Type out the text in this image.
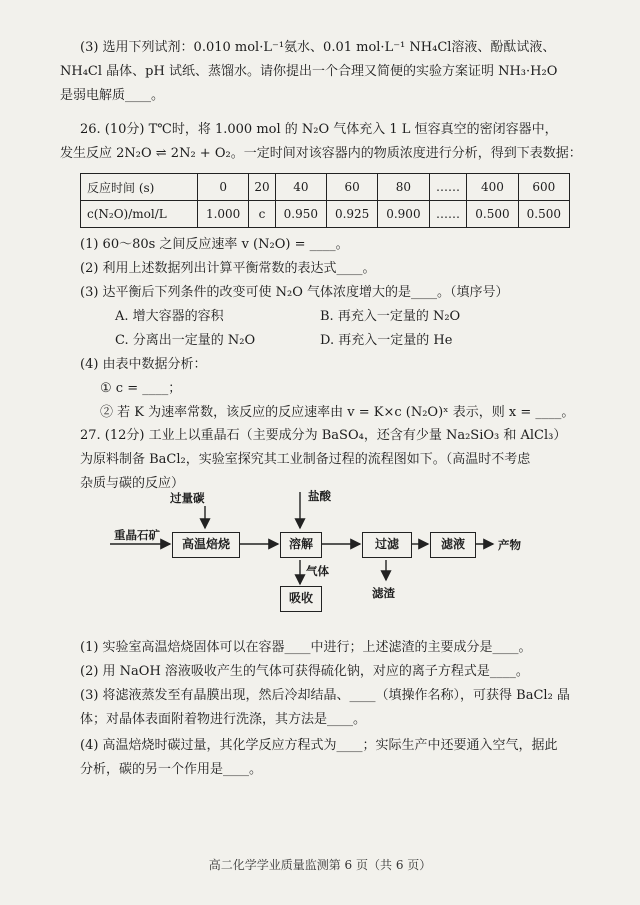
(3) 选用下列试剂：0.010 mol·L⁻¹氨水、0.01 mol·L⁻¹ NH₄Cl溶液、酚酞试液、
NH₄Cl 晶体、pH 试纸、蒸馏水。请你提出一个合理又简便的实验方案证明 NH₃·H₂O
是弱电解质____。
26. (10分) T℃时，将 1.000 mol 的 N₂O 气体充入 1 L 恒容真空的密闭容器中，
发生反应 2N₂O ⇌ 2N₂ + O₂。一定时间对该容器内的物质浓度进行分析，得到下表数据：
反应时间 (s)	0	20	40	60	80	……	400	600
c(N₂O)/mol/L	1.000	c	0.950	0.925	0.900	……	0.500	0.500
(1) 60～80s 之间反应速率 v (N₂O) = ____。
(2) 利用上述数据列出计算平衡常数的表达式____。
(3) 达平衡后下列条件的改变可使 N₂O 气体浓度增大的是____。（填序号）
A. 增大容器的容积	B. 再充入一定量的 N₂O
C. 分离出一定量的 N₂O	D. 再充入一定量的 He
(4) 由表中数据分析：
① c = ____；
② 若 K 为速率常数，该反应的反应速率由 v = K×c (N₂O)ˣ 表示，则 x = ____。
27. (12分) 工业上以重晶石（主要成分为 BaSO₄，还含有少量 Na₂SiO₃ 和 AlCl₃）
为原料制备 BaCl₂，实验室探究其工业制备过程的流程图如下。（高温时不考虑
杂质与碳的反应）
过量碳	盐酸
重晶石矿
高温焙烧	溶解	过滤	滤液	产物
气体
吸收	滤渣
(1) 实验室高温焙烧固体可以在容器____中进行；上述滤渣的主要成分是____。
(2) 用 NaOH 溶液吸收产生的气体可获得硫化钠，对应的离子方程式是____。
(3) 将滤液蒸发至有晶膜出现，然后冷却结晶、____（填操作名称），可获得 BaCl₂ 晶
体；对晶体表面附着物进行洗涤，其方法是____。
(4) 高温焙烧时碳过量，其化学反应方程式为____；实际生产中还要通入空气，据此
分析，碳的另一个作用是____。
高二化学学业质量监测第 6 页（共 6 页）
